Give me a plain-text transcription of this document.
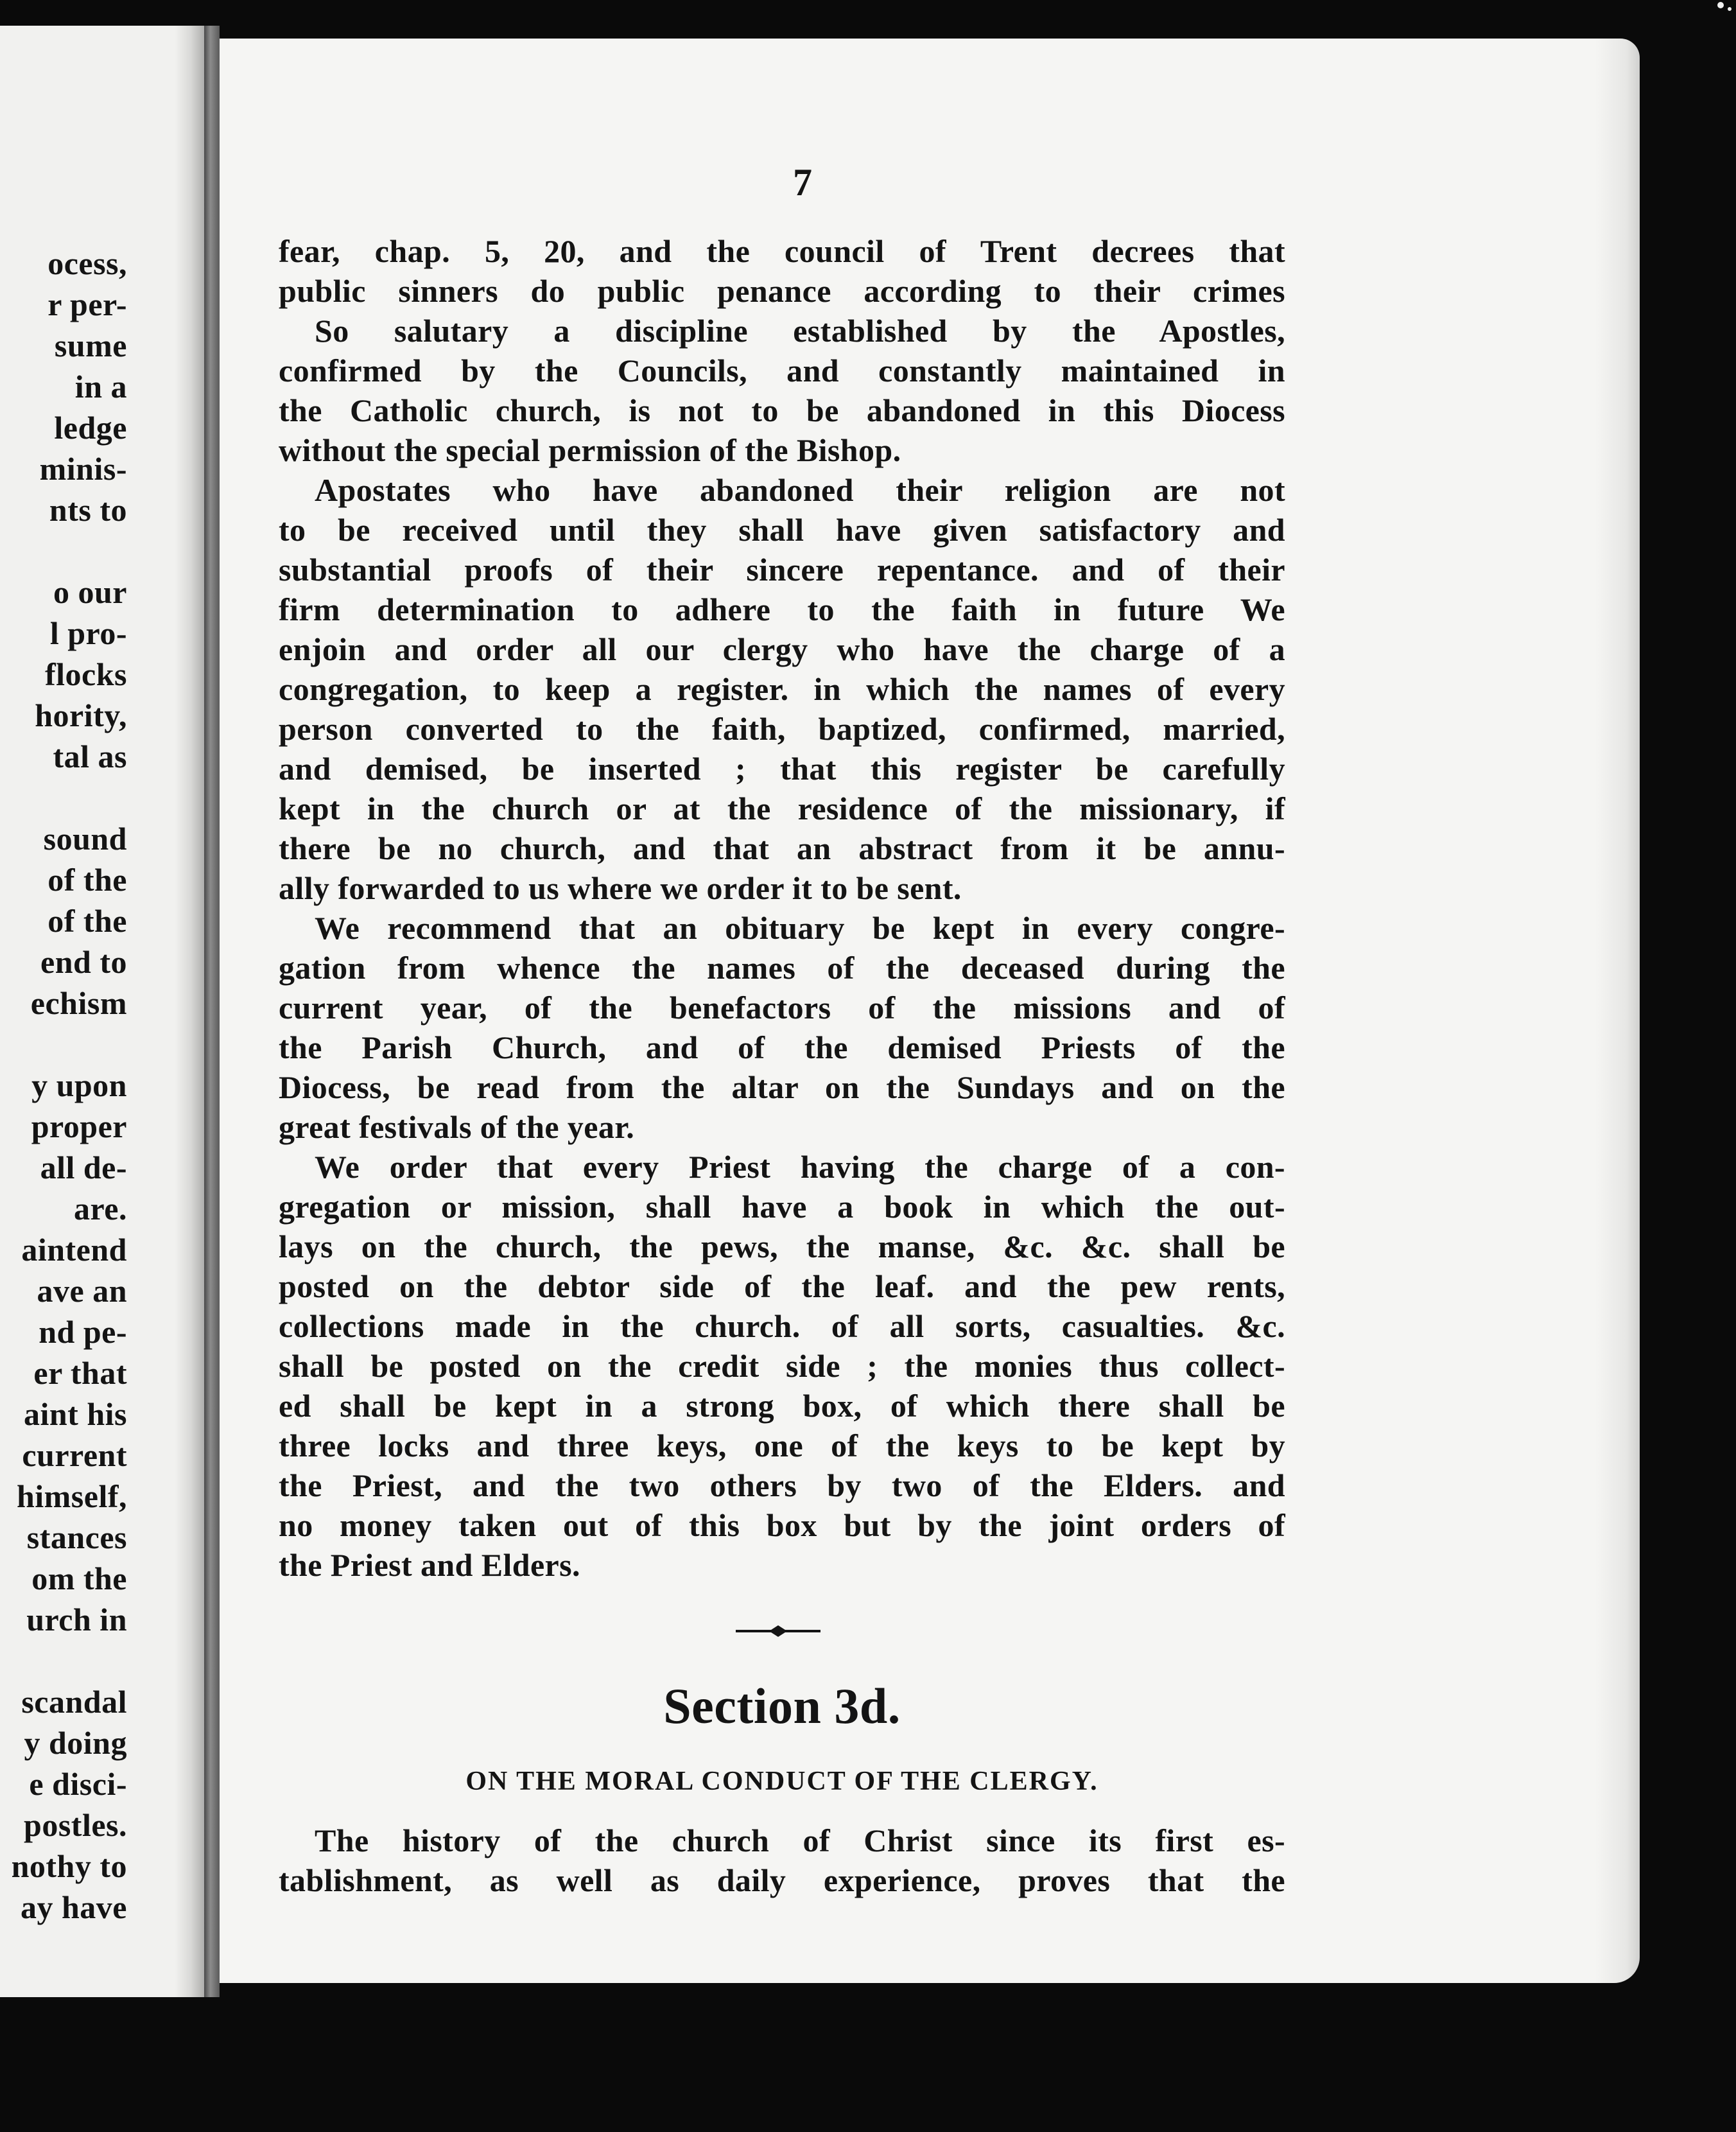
ocess,
r per-
sume
in a
ledge
minis-
nts to
o our
l pro-
flocks
hority,
tal as
sound
of the
of the
end to
echism
y upon
proper
all de-
are.
aintend
ave an
nd pe-
er that
aint his
current
himself,
stances
om the
urch in
scandal
y doing
e disci-
postles.
nothy to
ay have
7
fear, chap. 5, 20, and the council of Trent decrees that
public sinners do public penance according to their crimes
So salutary a discipline established by the Apostles,
confirmed by the Councils, and constantly maintained in
the Catholic church, is not to be abandoned in this Diocess
without the special permission of the Bishop.
Apostates who have abandoned their religion are not
to be received until they shall have given satisfactory and
substantial proofs of their sincere repentance. and of their
firm determination to adhere to the faith in future We
enjoin and order all our clergy who have the charge of a
congregation, to keep a register. in which the names of every
person converted to the faith, baptized, confirmed, married,
and demised, be inserted ; that this register be carefully
kept in the church or at the residence of the missionary, if
there be no church, and that an abstract from it be annu-
ally forwarded to us where we order it to be sent.
We recommend that an obituary be kept in every congre-
gation from whence the names of the deceased during the
current year, of the benefactors of the missions and of
the Parish Church, and of the demised Priests of the
Diocess, be read from the altar on the Sundays and on the
great festivals of the year.
We order that every Priest having the charge of a con-
gregation or mission, shall have a book in which the out-
lays on the church, the pews, the manse, &c. &c. shall be
posted on the debtor side of the leaf. and the pew rents,
collections made in the church. of all sorts, casualties. &c.
shall be posted on the credit side ; the monies thus collect-
ed shall be kept in a strong box, of which there shall be
three locks and three keys, one of the keys to be kept by
the Priest, and the two others by two of the Elders. and
no money taken out of this box but by the joint orders of
the Priest and Elders.
Section 3d.
ON THE MORAL CONDUCT OF THE CLERGY.
The history of the church of Christ since its first es-
tablishment, as well as daily experience, proves that the
